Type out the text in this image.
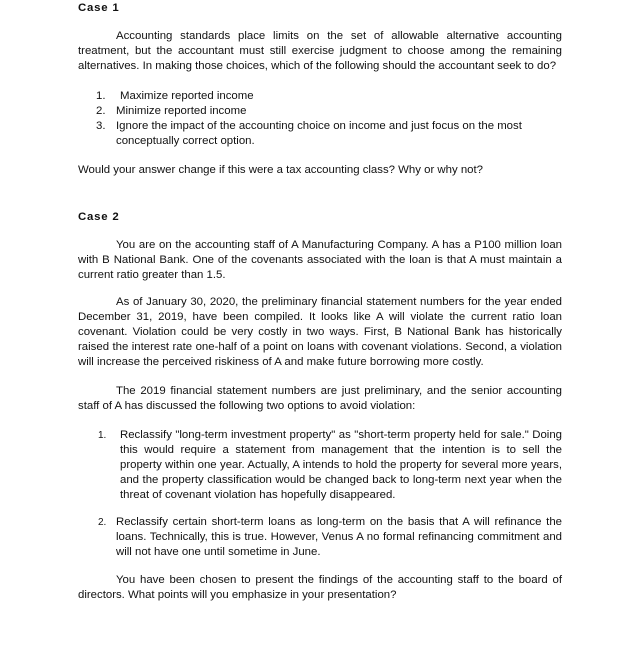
Case 1

Accounting standards place limits on the set of allowable alternative accounting treatment, but the accountant must still exercise judgment to choose among the remaining alternatives. In making those choices, which of the following should the accountant seek to do?

1.	Maximize reported income
2. Minimize reported income
3. Ignore the impact of the accounting choice on income and just focus on the most conceptually correct option.

Would your answer change if this were a tax accounting class? Why or why not?

Case 2

You are on the accounting staff of A Manufacturing Company. A has a P100 million loan with B National Bank. One of the covenants associated with the loan is that A must maintain a current ratio greater than 1.5.

As of January 30, 2020, the preliminary financial statement numbers for the year ended December 31, 2019, have been compiled. It looks like A will violate the current ratio loan covenant. Violation could be very costly in two ways. First, B National Bank has historically raised the interest rate one-half of a point on loans with covenant violations. Second, a violation will increase the perceived riskiness of A and make future borrowing more costly.

The 2019 financial statement numbers are just preliminary, and the senior accounting staff of A has discussed the following two options to avoid violation:

1.	Reclassify "long-term investment property" as "short-term property held for sale." Doing this would require a statement from management that the intention is to sell the property within one year. Actually, A intends to hold the property for several more years, and the property classification would be changed back to long-term next year when the threat of covenant violation has hopefully disappeared.
2. Reclassify certain short-term loans as long-term on the basis that A will refinance the loans. Technically, this is true. However, Venus A no formal refinancing commitment and will not have one until sometime in June.

You have been chosen to present the findings of the accounting staff to the board of directors. What points will you emphasize in your presentation?
